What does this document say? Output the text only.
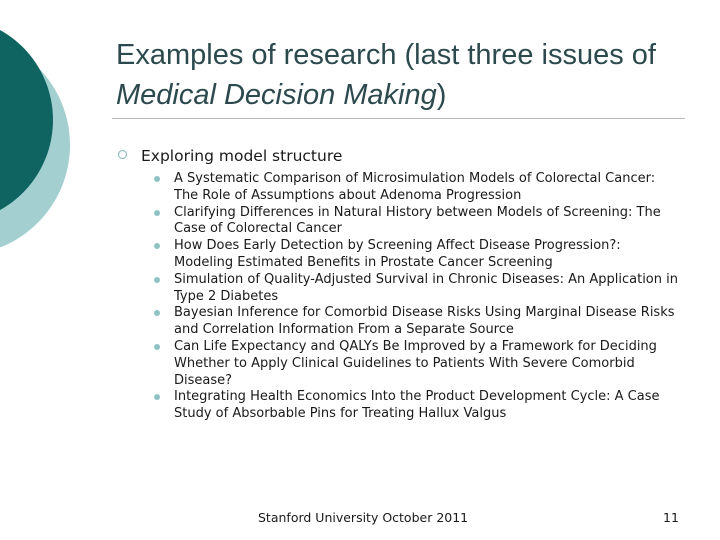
Examples of research (last three issues of Medical Decision Making)
Exploring model structure
A Systematic Comparison of Microsimulation Models of Colorectal Cancer: The Role of Assumptions about Adenoma Progression
Clarifying Differences in Natural History between Models of Screening: The Case of Colorectal Cancer
How Does Early Detection by Screening Affect Disease Progression?: Modeling Estimated Benefits in Prostate Cancer Screening
Simulation of Quality-Adjusted Survival in Chronic Diseases: An Application in Type 2 Diabetes
Bayesian Inference for Comorbid Disease Risks Using Marginal Disease Risks and Correlation Information From a Separate Source
Can Life Expectancy and QALYs Be Improved by a Framework for Deciding Whether to Apply Clinical Guidelines to Patients With Severe Comorbid Disease?
Integrating Health Economics Into the Product Development Cycle: A Case Study of Absorbable Pins for Treating Hallux Valgus
Stanford University October 2011	11
